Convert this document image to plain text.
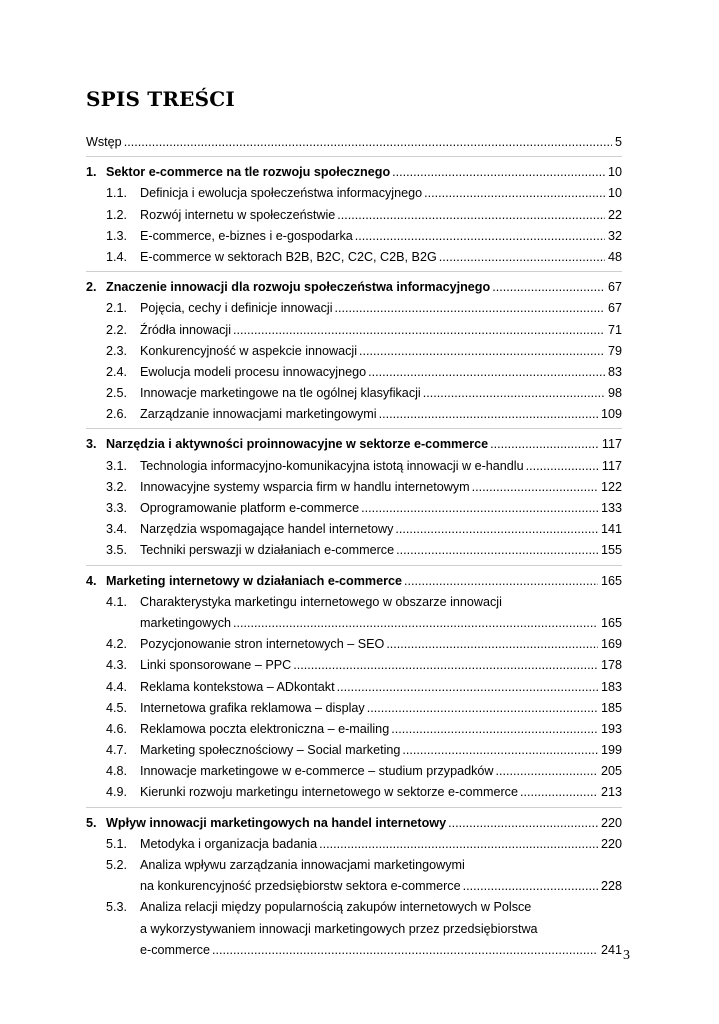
SPIS TREŚCI
Wstęp .....	5
1. Sektor e-commerce na tle rozwoju społecznego .....	10
1.1. Definicja i ewolucja społeczeństwa informacyjnego .....	10
1.2. Rozwój internetu w społeczeństwie .....	22
1.3. E-commerce, e-biznes i e-gospodarka .....	32
1.4. E-commerce w sektorach B2B, B2C, C2C, C2B, B2G .....	48
2. Znaczenie innowacji dla rozwoju społeczeństwa informacyjnego .....	67
2.1. Pojęcia, cechy i definicje innowacji .....	67
2.2. Źródła innowacji .....	71
2.3. Konkurencyjność w aspekcie innowacji .....	79
2.4. Ewolucja modeli procesu innowacyjnego .....	83
2.5. Innowacje marketingowe na tle ogólnej klasyfikacji .....	98
2.6. Zarządzanie innowacjami marketingowymi .....	109
3. Narzędzia i aktywności proinnowacyjne w sektorze e-commerce .....	117
3.1. Technologia informacyjno-komunikacyjna istotą innowacji w e-handlu .....	117
3.2. Innowacyjne systemy wsparcia firm w handlu internetowym .....	122
3.3. Oprogramowanie platform e-commerce .....	133
3.4. Narzędzia wspomagające handel internetowy .....	141
3.5. Techniki perswazji w działaniach e-commerce .....	155
4. Marketing internetowy w działaniach e-commerce .....	165
4.1. Charakterystyka marketingu internetowego w obszarze innowacji
marketingowych .....	165
4.2. Pozycjonowanie stron internetowych – SEO .....	169
4.3. Linki sponsorowane – PPC .....	178
4.4. Reklama kontekstowa – ADkontakt .....	183
4.5. Internetowa grafika reklamowa – display .....	185
4.6. Reklamowa poczta elektroniczna – e-mailing .....	193
4.7. Marketing społecznościowy – Social marketing .....	199
4.8. Innowacje marketingowe w e-commerce – studium przypadków .....	205
4.9. Kierunki rozwoju marketingu internetowego w sektorze e-commerce .....	213
5. Wpływ innowacji marketingowych na handel internetowy .....	220
5.1. Metodyka i organizacja badania .....	220
5.2. Analiza wpływu zarządzania innowacjami marketingowymi
na konkurencyjność przedsiębiorstw sektora e-commerce .....	228
5.3. Analiza relacji między popularnością zakupów internetowych w Polsce
a wykorzystywaniem innowacji marketingowych przez przedsiębiorstwa
e-commerce .....	241 3
